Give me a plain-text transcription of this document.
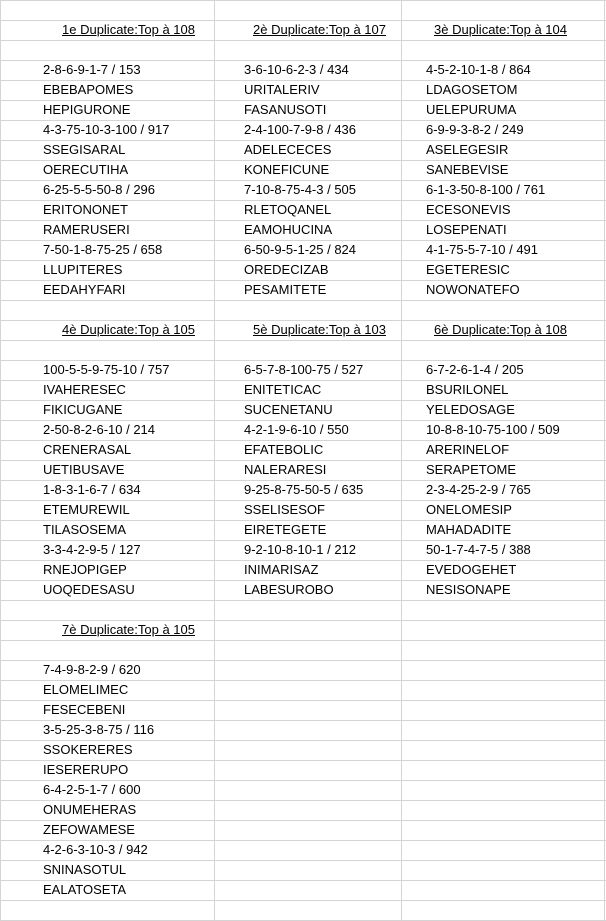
1e Duplicate:Top à 108
2-8-6-9-1-7 / 153
EBEBAPOMES
HEPIGURONE
4-3-75-10-3-100 / 917
SSEGISARAL
OERECUTIHA
6-25-5-5-50-8 / 296
ERITONONET
RAMERUSERI
7-50-1-8-75-25 / 658
LLUPITERES
EEDAHYFARI
2è Duplicate:Top à 107
3-6-10-6-2-3 / 434
URITALERIV
FASANUSOTI
2-4-100-7-9-8 / 436
ADELECECES
KONEFICUNE
7-10-8-75-4-3 / 505
RLETOQANEL
EAMOHUCINA
6-50-9-5-1-25 / 824
OREDECIZAB
PESAMITETE
3è Duplicate:Top à 104
4-5-2-10-1-8 / 864
LDAGOSETOM
UELEPURUMA
6-9-9-3-8-2 / 249
ASELEGESIR
SANEBEVISE
6-1-3-50-8-100 / 761
ECESONEVIS
LOSEPENATI
4-1-75-5-7-10 / 491
EGETERESIC
NOWONATEFO
4è Duplicate:Top à 105
100-5-5-9-75-10 / 757
IVAHERESEC
FIKICUGANE
2-50-8-2-6-10 / 214
CRENERASAL
UETIBUSAVE
1-8-3-1-6-7 / 634
ETEMUREWIL
TILASOSEMA
3-3-4-2-9-5 / 127
RNEJOPIGEP
UOQEDESASU
5è Duplicate:Top à 103
6-5-7-8-100-75 / 527
ENITETICAC
SUCENETANU
4-2-1-9-6-10 / 550
EFATEBOLIC
NALERARESI
9-25-8-75-50-5 / 635
SSELISESOF
EIRETEGETE
9-2-10-8-10-1 / 212
INIMARISAZ
LABESUROBO
6è Duplicate:Top à 108
6-7-2-6-1-4 / 205
BSURILONEL
YELEDOSAGE
10-8-8-10-75-100 / 509
ARERINELOF
SERAPETOME
2-3-4-25-2-9 / 765
ONELOMESIP
MAHADADITE
50-1-7-4-7-5 / 388
EVEDOGEHET
NESISONAPE
7è Duplicate:Top à 105
7-4-9-8-2-9 / 620
ELOMELIMEC
FESECEBENI
3-5-25-3-8-75 / 116
SSOKERERES
IESERERUPO
6-4-2-5-1-7 / 600
ONUMEHERAS
ZEFOWAMESE
4-2-6-3-10-3 / 942
SNINASOTUL
EALATOSETA
